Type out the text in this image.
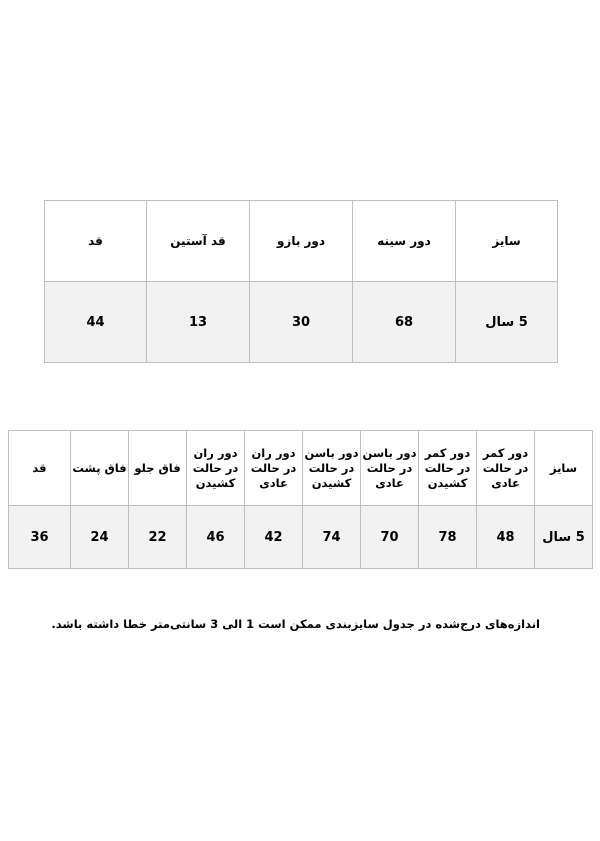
سایز	دور سینه	دور بازو	قد آستین	قد
5 سال	68	30	13	44
سایز	دور کمر در حالت عادی	دور کمر در حالت کشیدن	دور باسن در حالت عادی	دور باسن در حالت کشیدن	دور ران در حالت عادی	دور ران در حالت کشیدن	فاق جلو	فاق پشت	قد
5 سال	48	78	70	74	42	46	22	24	36
اندازه‌های درج‌شده در جدول سایزبندی ممکن است 1 الی 3 سانتی‌متر خطا داشته باشد.
